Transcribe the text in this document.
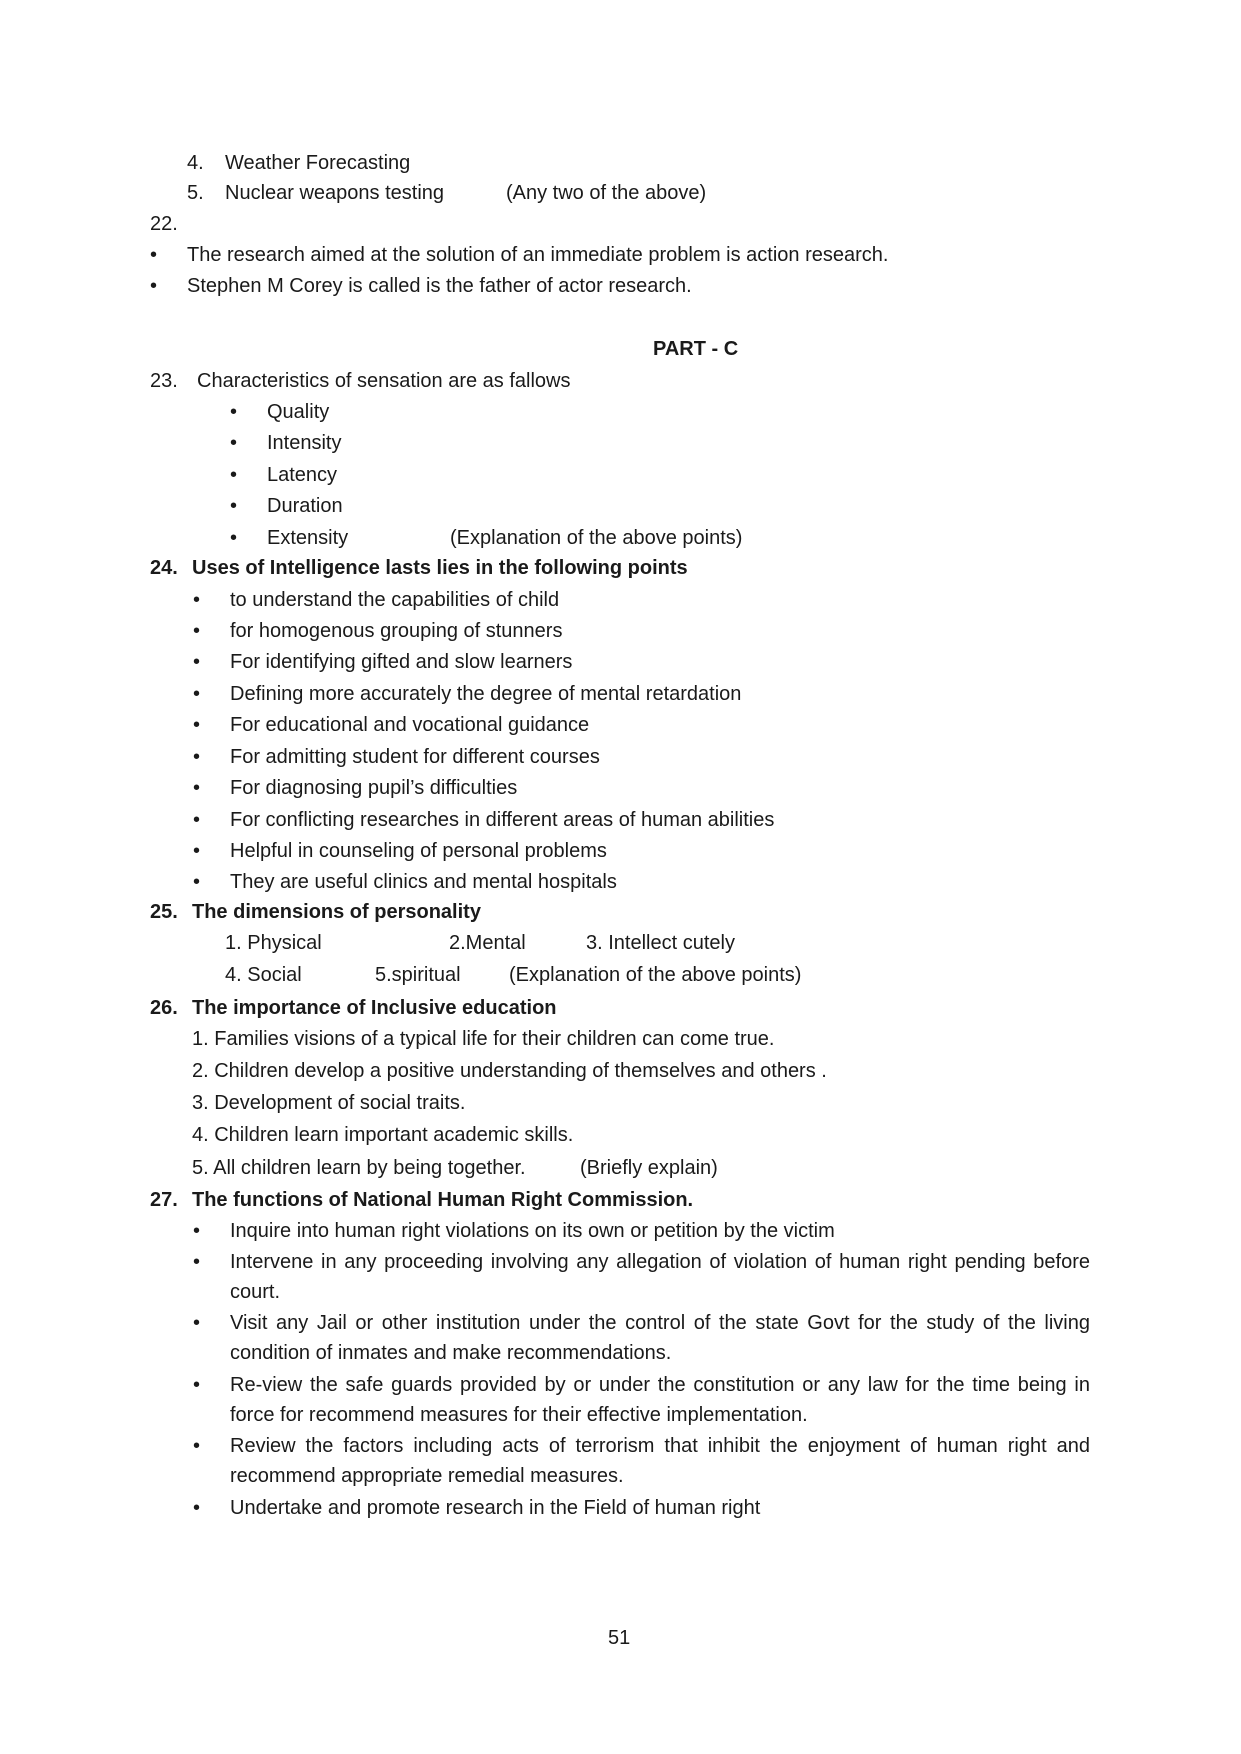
4. Weather Forecasting
5. Nuclear weapons testing	(Any two of the above)
22.
• The research aimed at the solution of an immediate problem is action research.
• Stephen M Corey is called is the father of actor research.
PART - C
23. Characteristics of sensation are as fallows
• Quality
• Intensity
• Latency
• Duration
• Extensity	(Explanation of the above points)
24. Uses of Intelligence lasts lies in the following points
• to understand the capabilities of child
• for homogenous grouping of stunners
• For identifying gifted and slow learners
• Defining more accurately the degree of mental retardation
• For educational and vocational guidance
• For admitting student for different courses
• For diagnosing pupil’s difficulties
• For conflicting researches in different areas of human abilities
• Helpful in counseling of personal problems
• They are useful clinics and mental hospitals
25. The dimensions of personality
1. Physical	2.Mental	3. Intellect cutely
4. Social	5.spiritual (Explanation of the above points)
26. The importance of Inclusive education
1. Families visions of a typical life for their children can come true.
2. Children develop a positive understanding of themselves and others .
3. Development of social traits.
4. Children learn important academic skills.
5. All children learn by being together.	(Briefly explain)
27. The functions of National Human Right Commission.
• Inquire into human right violations on its own or petition by the victim
• Intervene in any proceeding involving any allegation of violation of human right pending before court.
• Visit any Jail or other institution under the control of the state Govt for the study of the living condition of inmates and make recommendations.
• Re-view the safe guards provided by or under the constitution or any law for the time being in force for recommend measures for their effective implementation.
• Review the factors including acts of terrorism that inhibit the enjoyment of human right and recommend appropriate remedial measures.
• Undertake and promote research in the Field of human right
51
